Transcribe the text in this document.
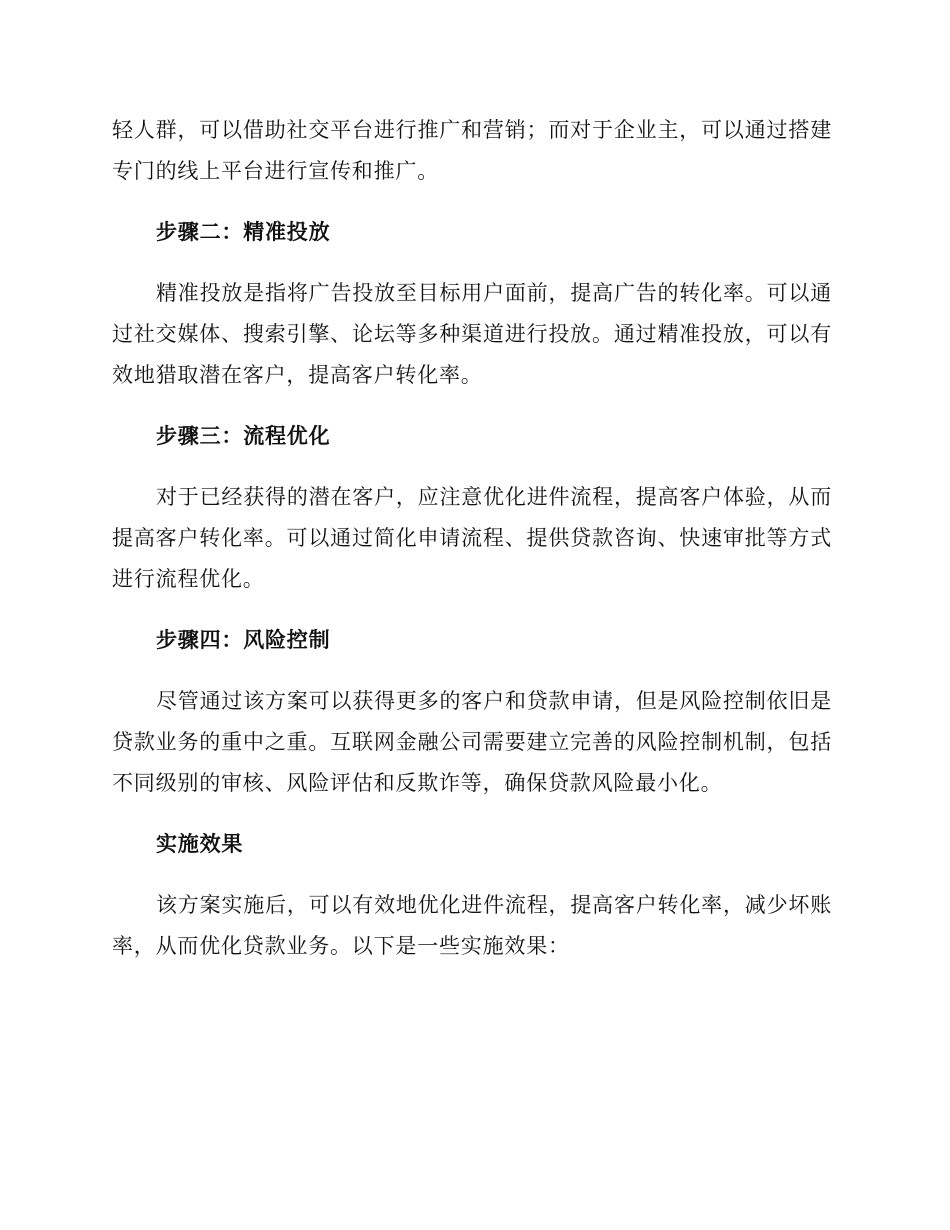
轻人群，可以借助社交平台进行推广和营销；而对于企业主，可以通过搭建专门的线上平台进行宣传和推广。

步骤二：精准投放

精准投放是指将广告投放至目标用户面前，提高广告的转化率。可以通过社交媒体、搜索引擎、论坛等多种渠道进行投放。通过精准投放，可以有效地猎取潜在客户，提高客户转化率。

步骤三：流程优化

对于已经获得的潜在客户，应注意优化进件流程，提高客户体验，从而提高客户转化率。可以通过简化申请流程、提供贷款咨询、快速审批等方式进行流程优化。

步骤四：风险控制

尽管通过该方案可以获得更多的客户和贷款申请，但是风险控制依旧是贷款业务的重中之重。互联网金融公司需要建立完善的风险控制机制，包括不同级别的审核、风险评估和反欺诈等，确保贷款风险最小化。

实施效果

该方案实施后，可以有效地优化进件流程，提高客户转化率，减少坏账率，从而优化贷款业务。以下是一些实施效果：
